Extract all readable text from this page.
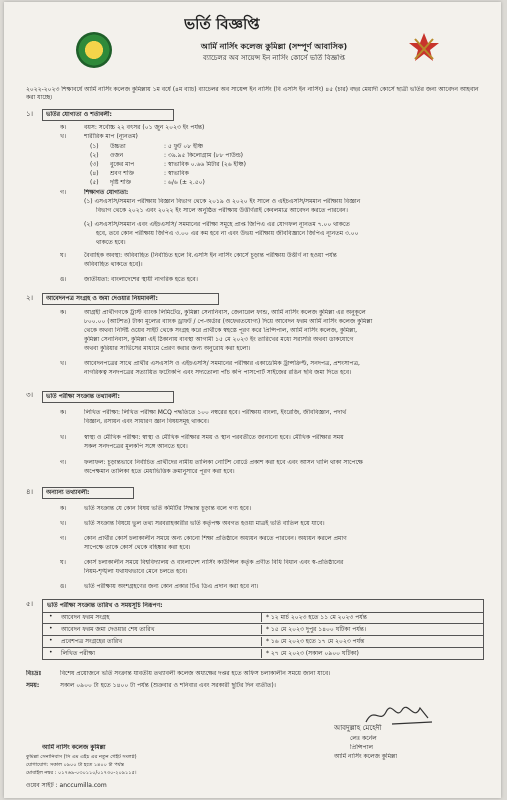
ভর্তি বিজ্ঞপ্তি
আর্মি নার্সিং কলেজ কুমিল্লা (সম্পূর্ণ আবাসিক)
ব্যাচেলর অব সায়েন্স ইন নার্সিং কোর্সে ভর্তি বিজ্ঞপ্তি
২০২২-২০২৩ শিক্ষাবর্ষে আর্মি নার্সিং কলেজ কুমিল্লায় ১ম বর্ষে (৪ম ব্যাচ) ব্যাচেলর অব সায়েন্স ইন নার্সিং (বি এসসি ইন নার্সিং) ৪৫ (চার) বছর মেয়াদী কোর্সে ছাত্রী ভর্তির জন্য আবেদন আহবান করা যাচ্ছে।
১। ভর্তির যোগ্যতা ও শর্তাবলী:
ক।	বয়স: সর্বোচ্চ ২২ বৎসর (০১ জুন ২০২৩ ইং পর্যন্ত)
খ।	শারীরিক মাপ (ন্যূনতম)
(১) উচ্চতা	: ৫ ফুট ০৮ ইঞ্চি
(২) ওজন	: ৩৯.৯৫ কিলোগ্রাম (৮৮ পাউন্ড)
(৩) বুকের মাপ	: স্বাভাবিক ০.৬৬ মিটার (২৬ ইঞ্চি)
(৪) শ্রবণ শক্তি	: স্বাভাবিক
(৫) দৃষ্টি শক্তি	: ৬/৬ (± ২.৫০)
গ।	শিক্ষাগত যোগ্যতা:
(১) এসএসসি/সমমান পরীক্ষায় বিজ্ঞান বিভাগ থেকে ২০১৯ ও ২০২০ ইং সালে ও এইচএসসি/সমমান পরীক্ষায় বিজ্ঞান
বিভাগ থেকে ২০২১ এবং ২০২২ ইং সালে অনুষ্ঠিত পরীক্ষায় উত্তীর্ণরাই কেবলমাত্র আবেদন করতে পারবেন।
(২) এসএসসি/সমমান এবং এইচএসসি/ সমমানের পরীক্ষা সমূহে প্রাপ্ত জিপিএ এর যোগফল ন্যূনতম ৭.০০ থাকতে
হবে, তবে কোন পরীক্ষায় জিপিএ ৩.০০ এর কম হবে না এবং উভয় পরীক্ষায় জীববিজ্ঞানে জিপিএ ন্যূনতম ৩.০০
থাকতে হবে।
ঘ।	বৈবাহিক অবস্থা: অবিবাহিত (নির্বাচিত হলে বি.এসসি ইন নার্সিং কোর্সে চূড়ান্ত পরীক্ষায় উত্তীর্ণ না হওয়া পর্যন্ত
অবিবাহিত থাকতে হবে)।
ঙ।	জাতীয়তা: বাংলাদেশের স্থায়ী নাগরিক হতে হবে।
২। আবেদনপত্র সংগ্রহ ও জমা দেওয়ার নিয়মাবলী:
ক।	আগ্রহী প্রার্থীগণকে ট্রাস্ট ব্যাংক লিমিটেড, কুমিল্লা সেনানিবাস, জেনারেল ফান্ড, আর্মি নার্সিং কলেজ কুমিল্লা এর অনুকূলে
৮০০.০০ (আটশত) টাকা মূল্যের ব্যাংক ড্রাফট / পে-অর্ডার (অফেরতযোগ্য) দিয়ে আবেদন ফরম আর্মি নার্সিং কলেজ কুমিল্লা
থেকে অথবা নির্দিষ্ট ওয়েব সাইট থেকে সংগ্রহ করে প্রার্থীকে স্বহস্তে পূরণ করে প্রিন্সিপাল, আর্মি নার্সিং কলেজ, কুমিল্লা,
কুমিল্লা সেনানিবাস, কুমিল্লা এই ঠিকানায় ব্যবস্থা আগামী ১৫ মে ২০২৩ ইং তারিখের মধ্যে সরাসরি অথবা ডাকযোগে
অথবা কুরিয়ার সার্ভিসের মাধ্যমে প্রেরণ করার জন্য অনুরোধ করা হলো।
খ।	আবেদনপত্রের সাথে প্রার্থীর এসএসসি ও এইচএসসি/ সমমানের পরীক্ষার একাডেমিক ট্রান্সক্রিপ্ট, সনদপত্র, প্রশংসাপত্র,
নাগরিকত্ব সনদপত্রের সত্যায়িত ফটোকপি এবং সদ্যতোলা পাঁচ কপি পাসপোর্ট সাইজের রঙিন ছবি জমা দিতে হবে।
৩। ভর্তি পরীক্ষা সংক্রান্ত তথ্যাবলী:
ক।	লিখিত পরীক্ষা: লিখিত পরীক্ষা MCQ পদ্ধতিতে ১০০ নম্বরের হবে। পরীক্ষায় বাংলা, ইংরেজি, জীববিজ্ঞান, পদার্থ
বিজ্ঞান, রসায়ন এবং সাধারণ জ্ঞান বিষয়সমূহ থাকবে।
খ।	স্বাস্থ্য ও মৌখিক পরীক্ষা: স্বাস্থ্য ও মৌখিক পরীক্ষার সময় ও স্থান পরবর্তীতে জানানো হবে। মৌখিক পরীক্ষার সময়
সকল সনদপত্রের মূলকপি সঙ্গে আনতে হবে।
গ।	ফলাফল: চূড়ান্তভাবে নির্বাচিত প্রার্থীদের নামীয় তালিকা নোটিশ বোর্ডে প্রকাশ করা হবে এবং আসন খালি থাকা সাপেক্ষে
অপেক্ষমান তালিকা হতে মেধাভিত্তিক ক্রমানুসারে পূরণ করা হবে।
৪। অন্যান্য তথ্যাবলী:
ক।	ভর্তি সংক্রান্ত যে কোন বিষয় ভর্তি কমিটির সিদ্ধান্ত চূড়ান্ত বলে গণ্য হবে।
খ।	ভর্তি সংক্রান্ত বিষয়ে ভুল তথ্য সরবরাহকারীর ভর্তি কর্তৃপক্ষ অবগত হওয়া মাত্রই ভর্তি বাতিল হয়ে যাবে।
গ।	কোন প্রার্থীর কোর্স চলাকালীন সময়ে অন্য কোনো শিক্ষা প্রতিষ্ঠানে অধ্যয়ন করতে পারবেন। অধ্যয়ন করলে প্রমাণ
সাপেক্ষে তাকে কোর্স থেকে বহিষ্কার করা হবে।
ঘ।	কোর্স চলাকালীন সময়ে বিশ্ববিদ্যালয় ও বাংলাদেশ নার্সিং কাউন্সিল কর্তৃক প্রণীত বিধি বিধান এবং স্ব-প্রতিষ্ঠানের
নিয়ম-শৃঙ্খলা যথাযথভাবে মেনে চলতে হবে।
ঙ।	ভর্তি পরীক্ষায় অংশগ্রহণের জন্য কোন প্রকার টিএ ডিএ প্রদান করা হবে না।
৫। ভর্তি পরীক্ষা সংক্রান্ত তারিখ ও সময়সূচি নিরূপণ:
• আবেদন ফরম সংগ্রহ	* ১২ মার্চ ২০২৩ হতে ১১ মে ২০২৩ পর্যন্ত
• আবেদন ফরম জমা দেওয়ার শেষ তারিখ	* ১৫ মে ২০২৩ দুপুর ১৪০০ ঘটিকা পর্যন্ত।
• প্রবেশপত্র সংগ্রহের তারিখ	* ১৬ মে ২০২৩ হতে ১৭ মে ২০২৩ পর্যন্ত
• লিখিত পরীক্ষা	* ২৭ মে ২০২৩ (সকাল ০৯০০ ঘটিকা)
বিঃদ্রঃ	বিশেষ প্রয়োজনে ভর্তি সংক্রান্ত যাবতীয় তথ্যাবলী কলেজ অধ্যক্ষের দপ্তর হতে অফিস চলাকালীন সময়ে জানা যাবে।
সময়:	সকাল ০৯০০ টা হতে ১৪০০ টা পর্যন্ত (শুক্রবার ও শনিবার এবং সরকারী ছুটির দিন ব্যতীত)।
আবদুল্লাহ মেহেদী
লেঃ কর্নেল
প্রিন্সিপাল
আর্মি নার্সিং কলেজ কুমিল্লা
আর্মি নার্সিং কলেজ কুমিল্লা
কুমিল্লা সেনানিবাস (সি এম এইচ এর নতুন গেইট সংলগ্ন)
যোগাযোগ: সকাল ০৯০০ টা হতে ১৪০০ টা পর্যন্ত
মোবাইল নম্বর : ০১৭৬৯-০৩০১১০/০১৭৩০-২০৯১১৫।
ওয়েব সাইট : anccumilla.com
